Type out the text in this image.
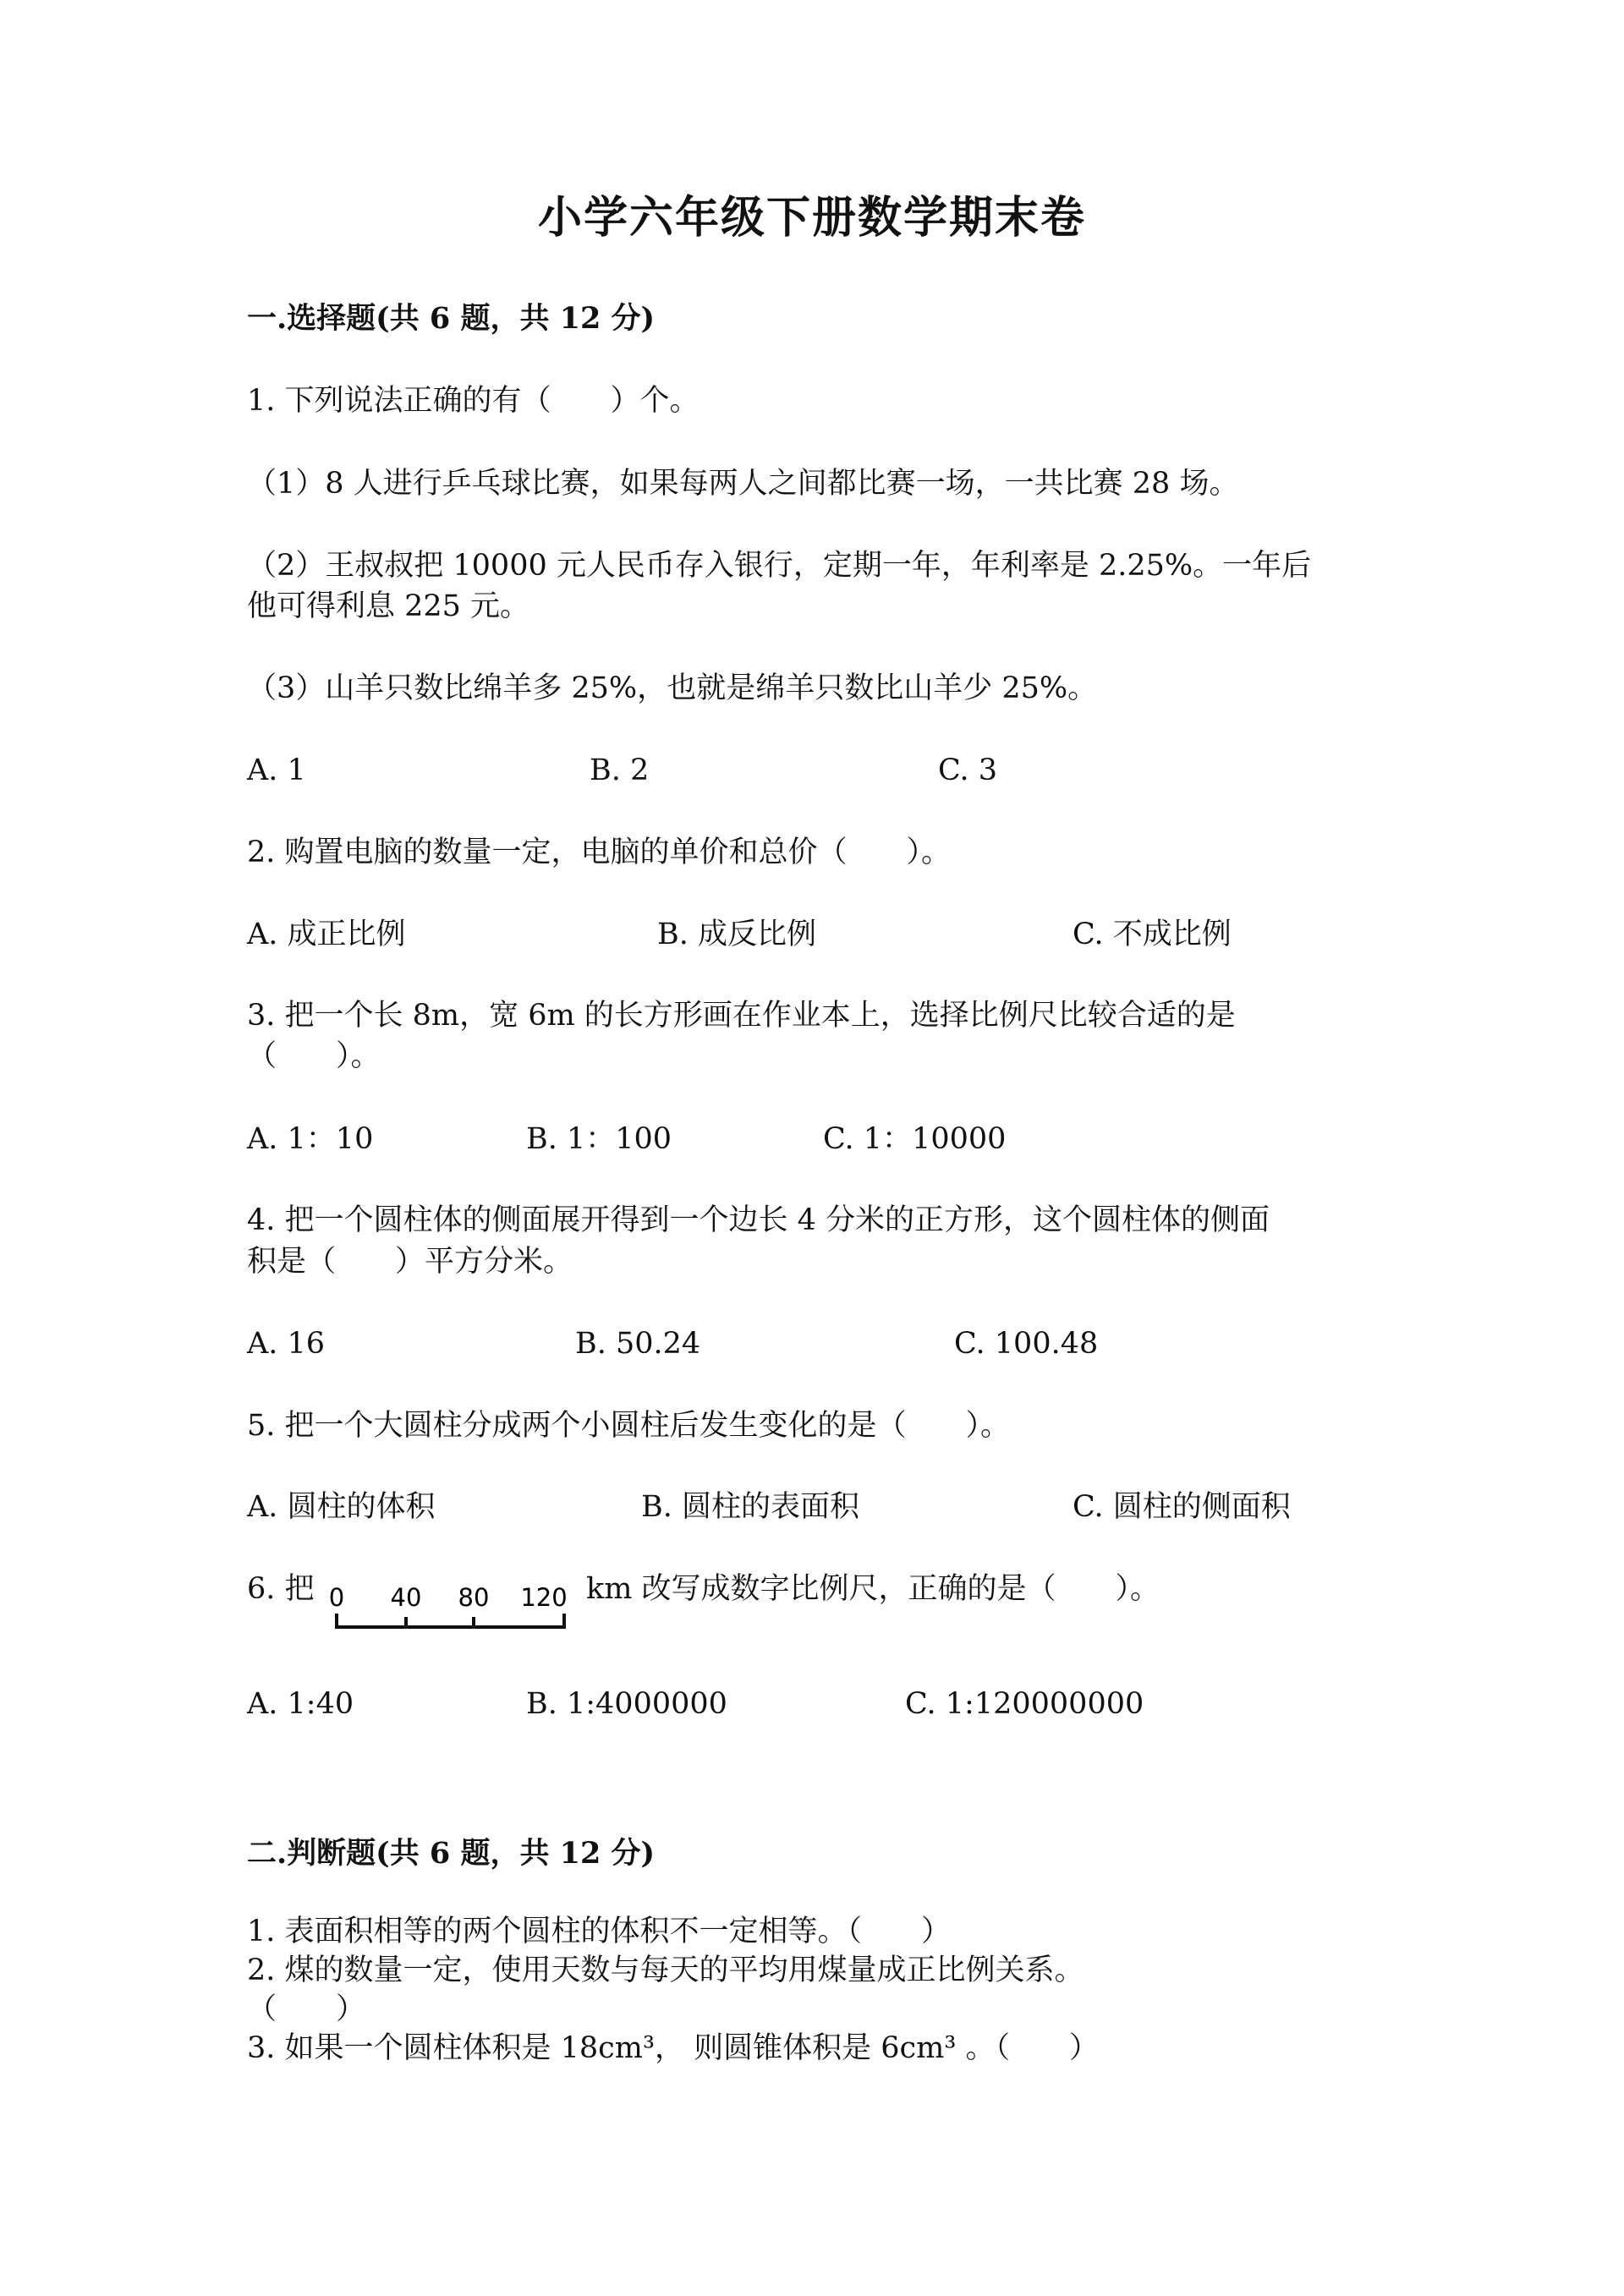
小学六年级下册数学期末卷
一.选择题(共 6 题，共 12 分)
1. 下列说法正确的有（　　）个。
（1）8 人进行乒乓球比赛，如果每两人之间都比赛一场，一共比赛 28 场。
（2）王叔叔把 10000 元人民币存入银行，定期一年，年利率是 2.25%。一年后
他可得利息 225 元。
（3）山羊只数比绵羊多 25%，也就是绵羊只数比山羊少 25%。
A. 1	B. 2	C. 3
2. 购置电脑的数量一定，电脑的单价和总价（　　）。
A. 成正比例	B. 成反比例	C. 不成比例
3. 把一个长 8m，宽 6m 的长方形画在作业本上，选择比例尺比较合适的是
（　　）。
A. 1：10	B. 1：100	C. 1：10000
4. 把一个圆柱体的侧面展开得到一个边长 4 分米的正方形，这个圆柱体的侧面
积是（　　）平方分米。
A. 16	B. 50.24	C. 100.48
5. 把一个大圆柱分成两个小圆柱后发生变化的是（　　）。
A. 圆柱的体积	B. 圆柱的表面积	C. 圆柱的侧面积
6. 把 0 40 80 120 km 改写成数字比例尺，正确的是（　　）。
A. 1:40	B. 1:4000000	C. 1:120000000
二.判断题(共 6 题，共 12 分)
1. 表面积相等的两个圆柱的体积不一定相等。（　　）
2. 煤的数量一定，使用天数与每天的平均用煤量成正比例关系。
（　　）
3. 如果一个圆柱体积是 18cm³， 则圆锥体积是 6cm³ 。（　　）
